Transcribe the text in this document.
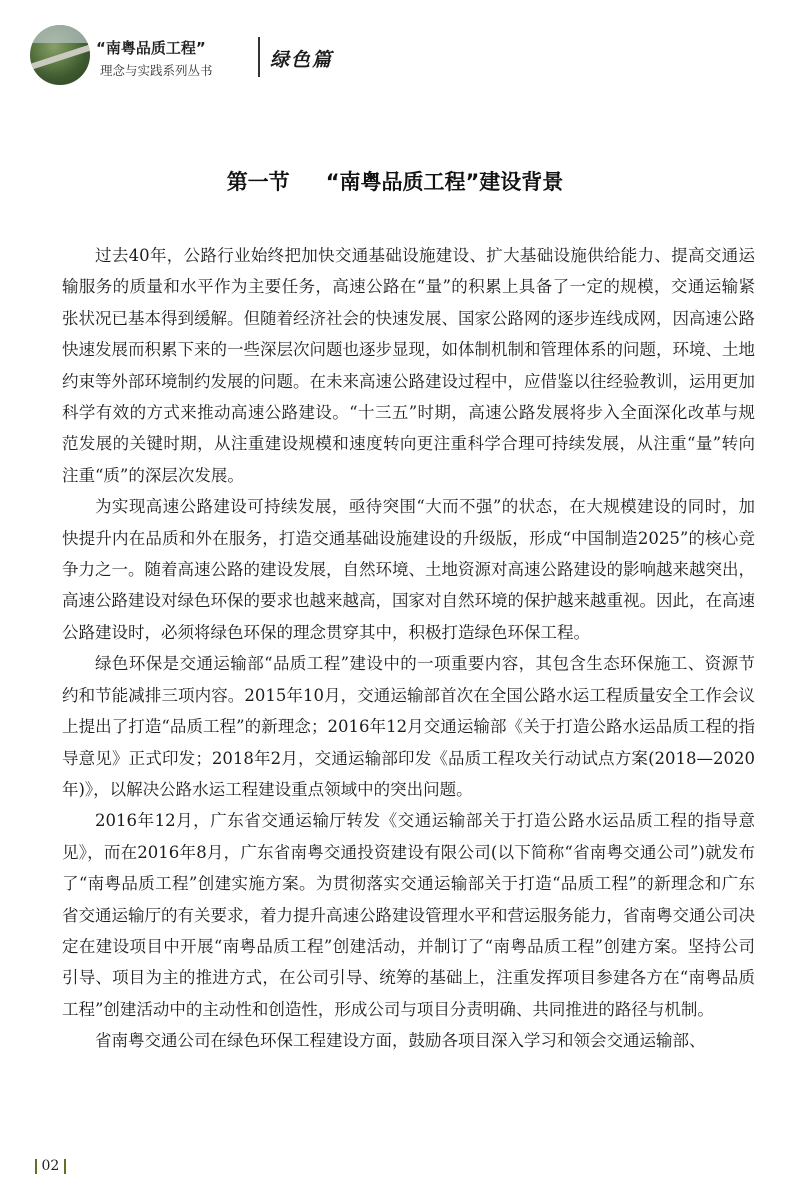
“南粤品质工程”
理念与实践系列丛书	绿色篇
第一节 “南粤品质工程”建设背景

过去40年，公路行业始终把加快交通基础设施建设、扩大基础设施供给能力、提高交通运输服务的质量和水平作为主要任务，高速公路在“量”的积累上具备了一定的规模，交通运输紧张状况已基本得到缓解。但随着经济社会的快速发展、国家公路网的逐步连线成网，因高速公路快速发展而积累下来的一些深层次问题也逐步显现，如体制机制和管理体系的问题，环境、土地约束等外部环境制约发展的问题。在未来高速公路建设过程中，应借鉴以往经验教训，运用更加科学有效的方式来推动高速公路建设。“十三五”时期，高速公路发展将步入全面深化改革与规范发展的关键时期，从注重建设规模和速度转向更注重科学合理可持续发展，从注重“量”转向注重“质”的深层次发展。

为实现高速公路建设可持续发展，亟待突围“大而不强”的状态，在大规模建设的同时，加快提升内在品质和外在服务，打造交通基础设施建设的升级版，形成“中国制造2025”的核心竞争力之一。随着高速公路的建设发展，自然环境、土地资源对高速公路建设的影响越来越突出，高速公路建设对绿色环保的要求也越来越高，国家对自然环境的保护越来越重视。因此，在高速公路建设时，必须将绿色环保的理念贯穿其中，积极打造绿色环保工程。

绿色环保是交通运输部“品质工程”建设中的一项重要内容，其包含生态环保施工、资源节约和节能减排三项内容。2015年10月，交通运输部首次在全国公路水运工程质量安全工作会议上提出了打造“品质工程”的新理念；2016年12月交通运输部《关于打造公路水运品质工程的指导意见》正式印发；2018年2月，交通运输部印发《品质工程攻关行动试点方案(2018—2020年)》，以解决公路水运工程建设重点领域中的突出问题。

2016年12月，广东省交通运输厅转发《交通运输部关于打造公路水运品质工程的指导意见》，而在2016年8月，广东省南粤交通投资建设有限公司(以下简称“省南粤交通公司”)就发布了“南粤品质工程”创建实施方案。为贯彻落实交通运输部关于打造“品质工程”的新理念和广东省交通运输厅的有关要求，着力提升高速公路建设管理水平和营运服务能力，省南粤交通公司决定在建设项目中开展“南粤品质工程”创建活动，并制订了“南粤品质工程”创建方案。坚持公司引导、项目为主的推进方式，在公司引导、统筹的基础上，注重发挥项目参建各方在“南粤品质工程”创建活动中的主动性和创造性，形成公司与项目分责明确、共同推进的路径与机制。

省南粤交通公司在绿色环保工程建设方面，鼓励各项目深入学习和领会交通运输部、

02
